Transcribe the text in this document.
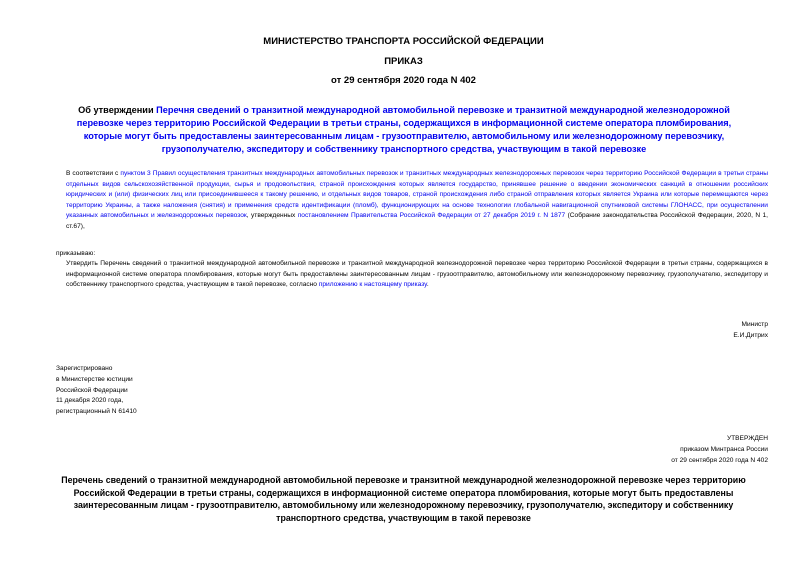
МИНИСТЕРСТВО ТРАНСПОРТА РОССИЙСКОЙ ФЕДЕРАЦИИ
ПРИКАЗ
от 29 сентября 2020 года N 402
Об утверждении Перечня сведений о транзитной международной автомобильной перевозке и транзитной международной железнодорожной перевозке через территорию Российской Федерации в третьи страны, содержащихся в информационной системе оператора пломбирования, которые могут быть предоставлены заинтересованным лицам - грузоотправителю, автомобильному или железнодорожному перевозчику, грузополучателю, экспедитору и собственнику транспортного средства, участвующим в такой перевозке
В соответствии с пунктом 3 Правил осуществления транзитных международных автомобильных перевозок и транзитных международных железнодорожных перевозок через территорию Российской Федерации в третьи страны отдельных видов сельскохозяйственной продукции, сырья и продовольствия, страной происхождения которых является государство, принявшее решение о введении экономических санкций в отношении российских юридических и (или) физических лиц или присоединившееся к такому решению, и отдельных видов товаров, страной происхождения либо страной отправления которых является Украина или которые перемещаются через территорию Украины, а также наложения (снятия) и применения средств идентификации (пломб), функционирующих на основе технологии глобальной навигационной спутниковой системы ГЛОНАСС, при осуществлении указанных автомобильных и железнодорожных перевозок, утвержденных постановлением Правительства Российской Федерации от 27 декабря 2019 г. N 1877 (Собрание законодательства Российской Федерации, 2020, N 1, ст.67),
приказываю:
Утвердить Перечень сведений о транзитной международной автомобильной перевозке и транзитной международной железнодорожной перевозке через территорию Российской Федерации в третьи страны, содержащихся в информационной системе оператора пломбирования, которые могут быть предоставлены заинтересованным лицам - грузоотправителю, автомобильному или железнодорожному перевозчику, грузополучателю, экспедитору и собственнику транспортного средства, участвующим в такой перевозке, согласно приложению к настоящему приказу.
Министр
Е.И.Дитрих
Зарегистрировано
в Министерстве юстиции
Российской Федерации
11 декабря 2020 года,
регистрационный N 61410
УТВЕРЖДЕН
приказом Минтранса России
от 29 сентября 2020 года N 402
Перечень сведений о транзитной международной автомобильной перевозке и транзитной международной железнодорожной перевозке через территорию Российской Федерации в третьи страны, содержащихся в информационной системе оператора пломбирования, которые могут быть предоставлены заинтересованным лицам - грузоотправителю, автомобильному или железнодорожному перевозчику, грузополучателю, экспедитору и собственнику транспортного средства, участвующим в такой перевозке
